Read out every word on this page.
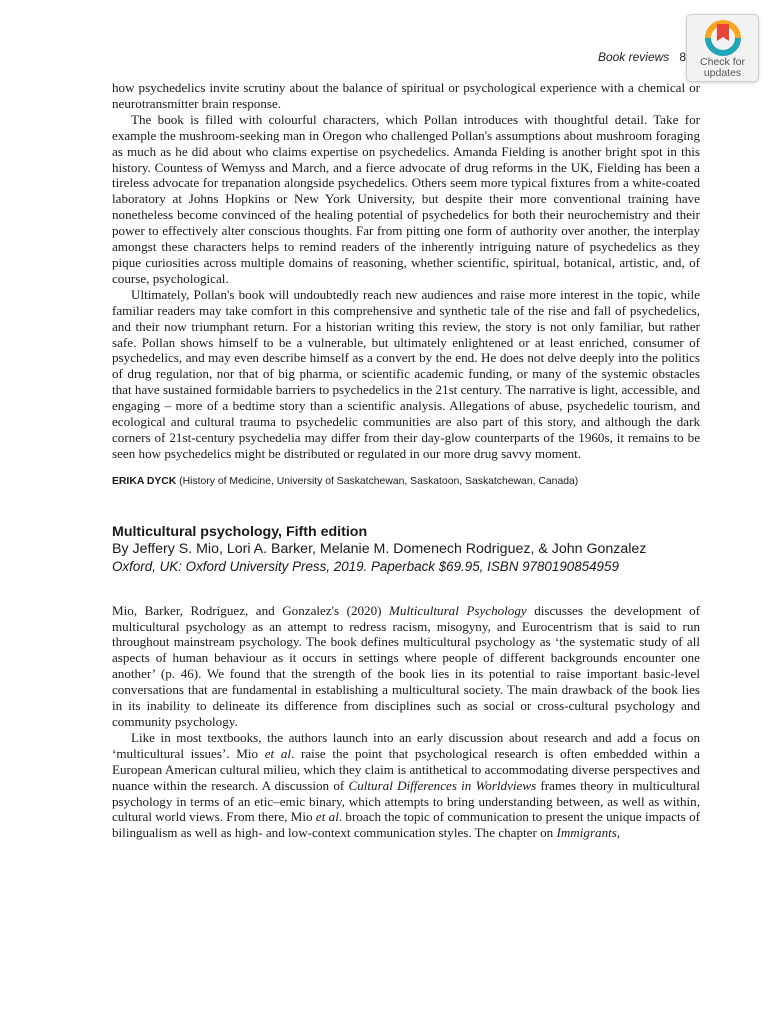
Book reviews 8	Check for
updates

how psychedelics invite scrutiny about the balance of spiritual or psychological experience with a chemical or neurotransmitter brain response.

The book is filled with colourful characters, which Pollan introduces with thoughtful detail. Take for example the mushroom-seeking man in Oregon who challenged Pollan's assumptions about mushroom foraging as much as he did about who claims expertise on psychedelics. Amanda Fielding is another bright spot in this history. Countess of Wemyss and March, and a fierce advocate of drug reforms in the UK, Fielding has been a tireless advocate for trepanation alongside psychedelics. Others seem more typical fixtures from a white-coated laboratory at Johns Hopkins or New York University, but despite their more conventional training have nonetheless become convinced of the healing potential of psychedelics for both their neurochemistry and their power to effectively alter conscious thoughts. Far from pitting one form of authority over another, the interplay amongst these characters helps to remind readers of the inherently intriguing nature of psychedelics as they pique curiosities across multiple domains of reasoning, whether scientific, spiritual, botanical, artistic, and, of course, psychological.

Ultimately, Pollan's book will undoubtedly reach new audiences and raise more interest in the topic, while familiar readers may take comfort in this comprehensive and synthetic tale of the rise and fall of psychedelics, and their now triumphant return. For a historian writing this review, the story is not only familiar, but rather safe. Pollan shows himself to be a vulnerable, but ultimately enlightened or at least enriched, consumer of psychedelics, and may even describe himself as a convert by the end. He does not delve deeply into the politics of drug regulation, nor that of big pharma, or scientific academic funding, or many of the systemic obstacles that have sustained formidable barriers to psychedelics in the 21st century. The narrative is light, accessible, and engaging – more of a bedtime story than a scientific analysis. Allegations of abuse, psychedelic tourism, and ecological and cultural trauma to psychedelic communities are also part of this story, and although the dark corners of 21st-century psychedelia may differ from their day-glow counterparts of the 1960s, it remains to be seen how psychedelics might be distributed or regulated in our more drug savvy moment.

ERIKA DYCK (History of Medicine, University of Saskatchewan, Saskatoon, Saskatchewan, Canada)

Multicultural psychology, Fifth edition
By Jeffery S. Mio, Lori A. Barker, Melanie M. Domenech Rodriguez, & John Gonzalez
Oxford, UK: Oxford University Press, 2019. Paperback $69.95, ISBN 9780190854959

Mio, Barker, Rodríguez, and Gonzalez's (2020) Multicultural Psychology discusses the development of multicultural psychology as an attempt to redress racism, misogyny, and Eurocentrism that is said to run throughout mainstream psychology. The book defines multicultural psychology as ‘the systematic study of all aspects of human behaviour as it occurs in settings where people of different backgrounds encounter one another’ (p. 46). We found that the strength of the book lies in its potential to raise important basic-level conversations that are fundamental in establishing a multicultural society. The main drawback of the book lies in its inability to delineate its difference from disciplines such as social or cross-cultural psychology and community psychology.

Like in most textbooks, the authors launch into an early discussion about research and add a focus on ‘multicultural issues’. Mio et al. raise the point that psychological research is often embedded within a European American cultural milieu, which they claim is antithetical to accommodating diverse perspectives and nuance within the research. A discussion of Cultural Differences in Worldviews frames theory in multicultural psychology in terms of an etic–emic binary, which attempts to bring understanding between, as well as within, cultural world views. From there, Mio et al. broach the topic of communication to present the unique impacts of bilingualism as well as high- and low-context communication styles. The chapter on Immigrants,
